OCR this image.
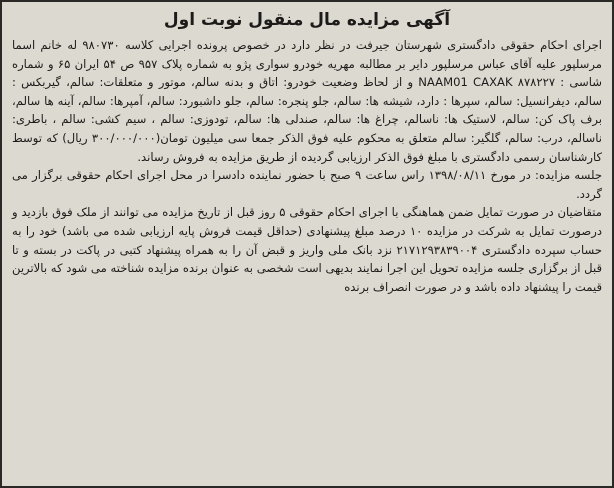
آگهی مزایده مال منقول نوبت اول

اجرای احکام حقوقی دادگستری شهرستان جیرفت در نظر دارد در خصوص پرونده اجرایی کلاسه ۹۸۰۷۳۰ له خانم اسما مرسلپور علیه آقای عباس مرسلپور دایر بر مطالبه مهریه خودرو سواری پژو به شماره پلاک ۹۵۷ ص ۵۴ ایران ۶۵ و شماره شاسی : NAAM01 CAXAK ۸۷۸۲۲۷ و از لحاظ وضعیت خودرو: اتاق و بدنه سالم، موتور و متعلقات: سالم، گیربکس : سالم، دیفرانسیل: سالم، سپرها : دارد، شیشه ها: سالم، جلو پنجره: سالم، جلو داشبورد: سالم، آمپرها: سالم، آینه ها سالم، برف پاک کن: سالم، لاستیک ها: ناسالم، چراغ ها: سالم، صندلی ها: سالم، تودوزی: سالم ، سیم کشی: سالم ، باطری: ناسالم، درب: سالم، گلگیر: سالم متعلق به محکوم علیه فوق الذکر جمعا سی میلیون تومان(۳۰۰/۰۰۰/۰۰۰ ریال) که توسط کارشناسان رسمی دادگستری با مبلغ فوق الذکر ارزیابی گردیده از طریق مزایده به فروش رساند.

جلسه مزایده: در مورخ ۱۳۹۸/۰۸/۱۱ راس ساعت ۹ صبح با حضور نماینده دادسرا در محل اجرای احکام حقوقی برگزار می گردد.

متقاضیان در صورت تمایل ضمن هماهنگی با اجرای احکام حقوقی ۵ روز قبل از تاریخ مزایده می توانند از ملک فوق بازدید و درصورت تمایل به شرکت در مزایده ۱۰ درصد مبلغ پیشنهادی (حداقل قیمت فروش پایه ارزیابی شده می باشد) خود را به حساب سپرده دادگستری ۲۱۷۱۲۹۳۸۳۹۰۰۴ نزد بانک ملی واریز و قبض آن را به همراه پیشنهاد کتبی در پاکت در بسته و تا قبل از برگزاری جلسه مزایده تحویل این اجرا نمایند بدیهی است شخصی به عنوان برنده مزایده شناخته می شود که بالاترین قیمت را پیشنهاد داده باشد و در صورت انصراف برنده
